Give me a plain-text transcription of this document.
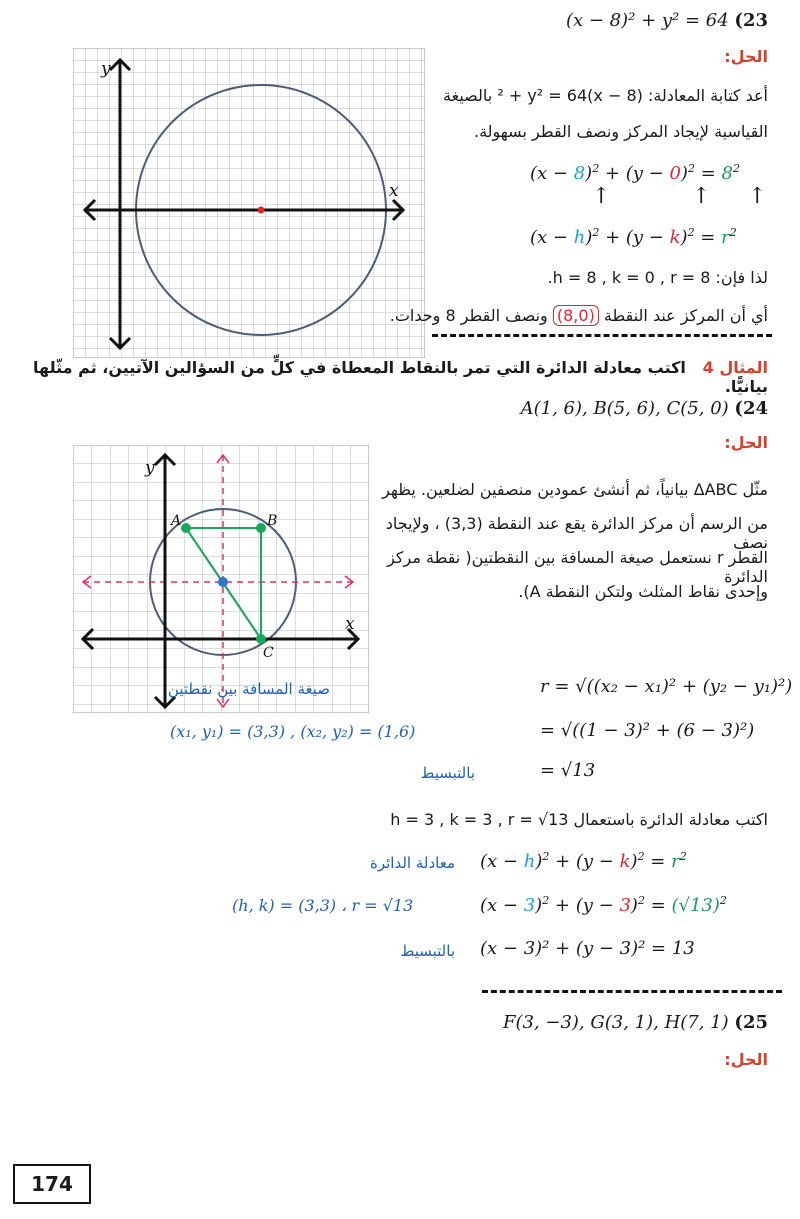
(x − 8)² + y² = 64 (23
الحل:
y
x
أعد كتابة المعادلة: (x − 8)² + y² = 64 بالصيغة
القياسية لإيجاد المركز ونصف القطر بسهولة.
$(x - 8)^2 + (y - 0)^2 = 8^2$
↑	↑ ↑
$(x - h)^2 + (y - k)^2 = r^2$
لذا فإن: h = 8 , k = 0 , r = 8.
أي أن المركز عند النقطة (8,0) ونصف القطر 8 وحدات.
المثال 4   اكتب معادلة الدائرة التي تمر بالنقاط المعطاة في كلٍّ من السؤالين الآتيين، ثم مثّلها بيانيًّا.
A(1, 6), B(5, 6), C(5, 0) (24
الحل:
y
x
A	B
C
مثّل ΔABC بيانياً، ثم أنشئ عمودين منصفين لضلعين. يظهر
من الرسم أن مركز الدائرة يقع عند النقطة (3,3) ، ولإيجاد نصف
القطر r نستعمل صيغة المسافة بين النقطتين( نقطة مركز الدائرة
وإحدى نقاط المثلث ولتكن النقطة A).
r = √((x₂ − x₁)² + (y₂ − y₁)²)
صيغة المسافة بين نقطتين
= √((1 − 3)² + (6 − 3)²)
(x₁, y₁) = (3,3) , (x₂, y₂) = (1,6)
= √13
بالتبسيط
اكتب معادلة الدائرة باستعمال h = 3 , k = 3 , r = √13
$(x - h)^2 + (y - k)^2 = r^2$
معادلة الدائرة
$(x - 3)^2 + (y - 3)^2 = (√13)^2$
(h, k) = (3,3) ، r = √13
(x − 3)² + (y − 3)² = 13
بالتبسيط
F(3, −3), G(3, 1), H(7, 1) (25
الحل:
174
